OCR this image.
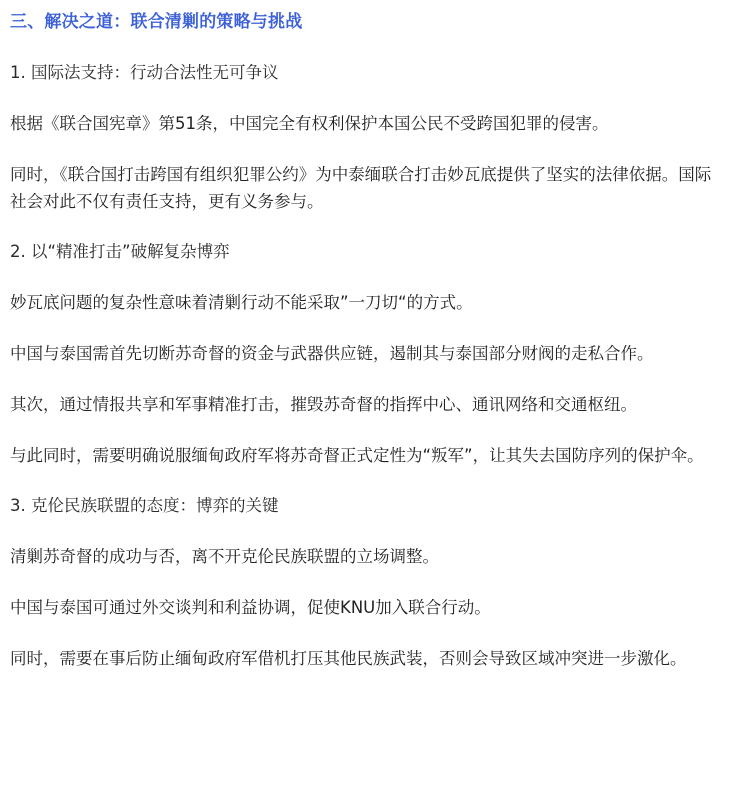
三、解决之道：联合清剿的策略与挑战

1. 国际法支持：行动合法性无可争议

根据《联合国宪章》第51条，中国完全有权利保护本国公民不受跨国犯罪的侵害。

同时，《联合国打击跨国有组织犯罪公约》为中泰缅联合打击妙瓦底提供了坚实的法律依据。国际社会对此不仅有责任支持，更有义务参与。

2. 以“精准打击”破解复杂博弈

妙瓦底问题的复杂性意味着清剿行动不能采取”一刀切“的方式。

中国与泰国需首先切断苏奇督的资金与武器供应链，遏制其与泰国部分财阀的走私合作。

其次，通过情报共享和军事精准打击，摧毁苏奇督的指挥中心、通讯网络和交通枢纽。

与此同时，需要明确说服缅甸政府军将苏奇督正式定性为“叛军”，让其失去国防序列的保护伞。

3. 克伦民族联盟的态度：博弈的关键

清剿苏奇督的成功与否，离不开克伦民族联盟的立场调整。

中国与泰国可通过外交谈判和利益协调，促使KNU加入联合行动。

同时，需要在事后防止缅甸政府军借机打压其他民族武装，否则会导致区域冲突进一步激化。
